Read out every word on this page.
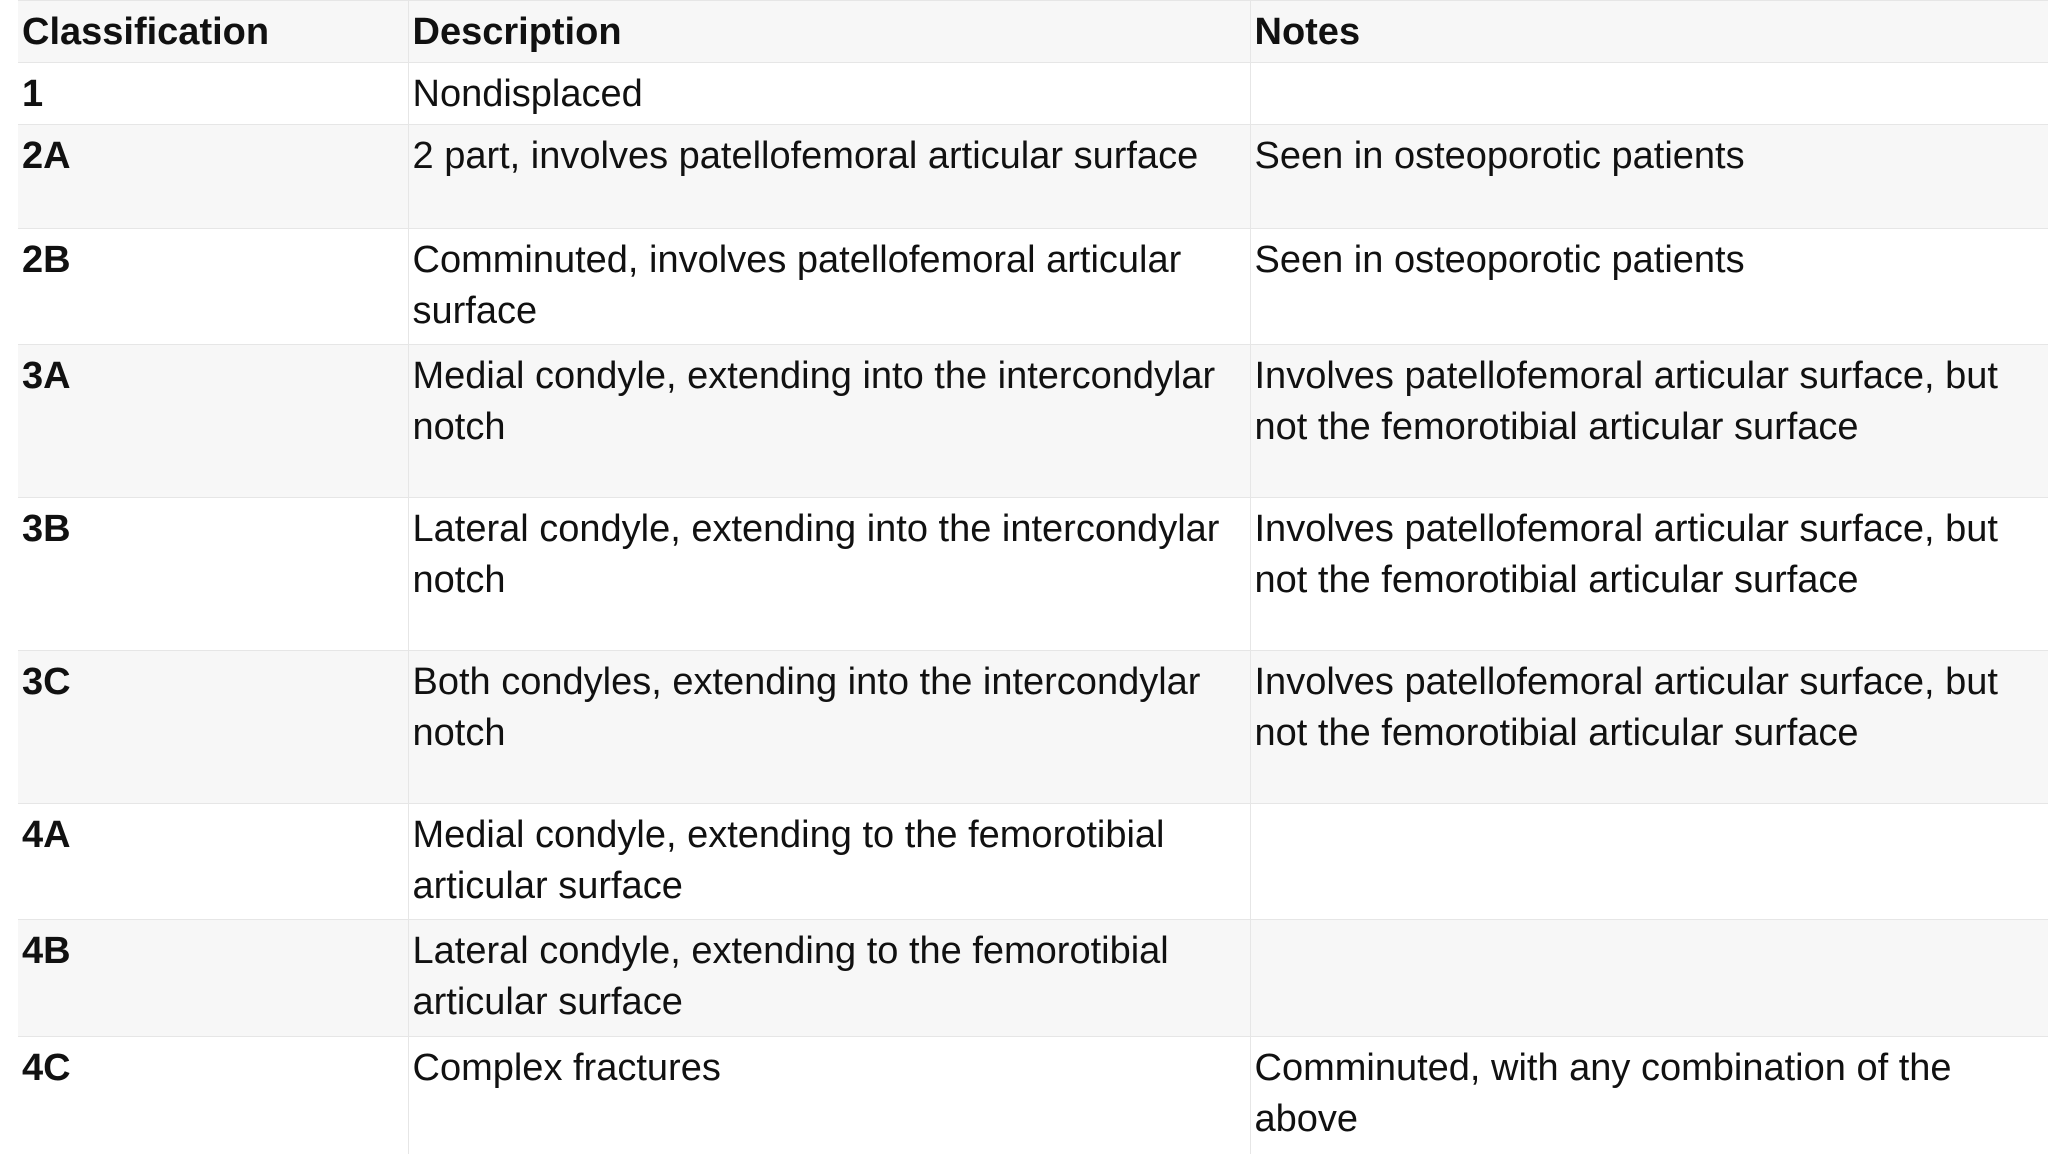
Classification	Description	Notes
1	Nondisplaced	
2A	2 part, involves patellofemoral articular surface	Seen in osteoporotic patients
2B	Comminuted, involves patellofemoral articular surface	Seen in osteoporotic patients
3A	Medial condyle, extending into the intercondylar notch	Involves patellofemoral articular surface, but not the femorotibial articular surface
3B	Lateral condyle, extending into the intercondylar notch	Involves patellofemoral articular surface, but not the femorotibial articular surface
3C	Both condyles, extending into the intercondylar notch	Involves patellofemoral articular surface, but not the femorotibial articular surface
4A	Medial condyle, extending to the femorotibial articular surface	
4B	Lateral condyle, extending to the femorotibial articular surface	
4C	Complex fractures	Comminuted, with any combination of the above
